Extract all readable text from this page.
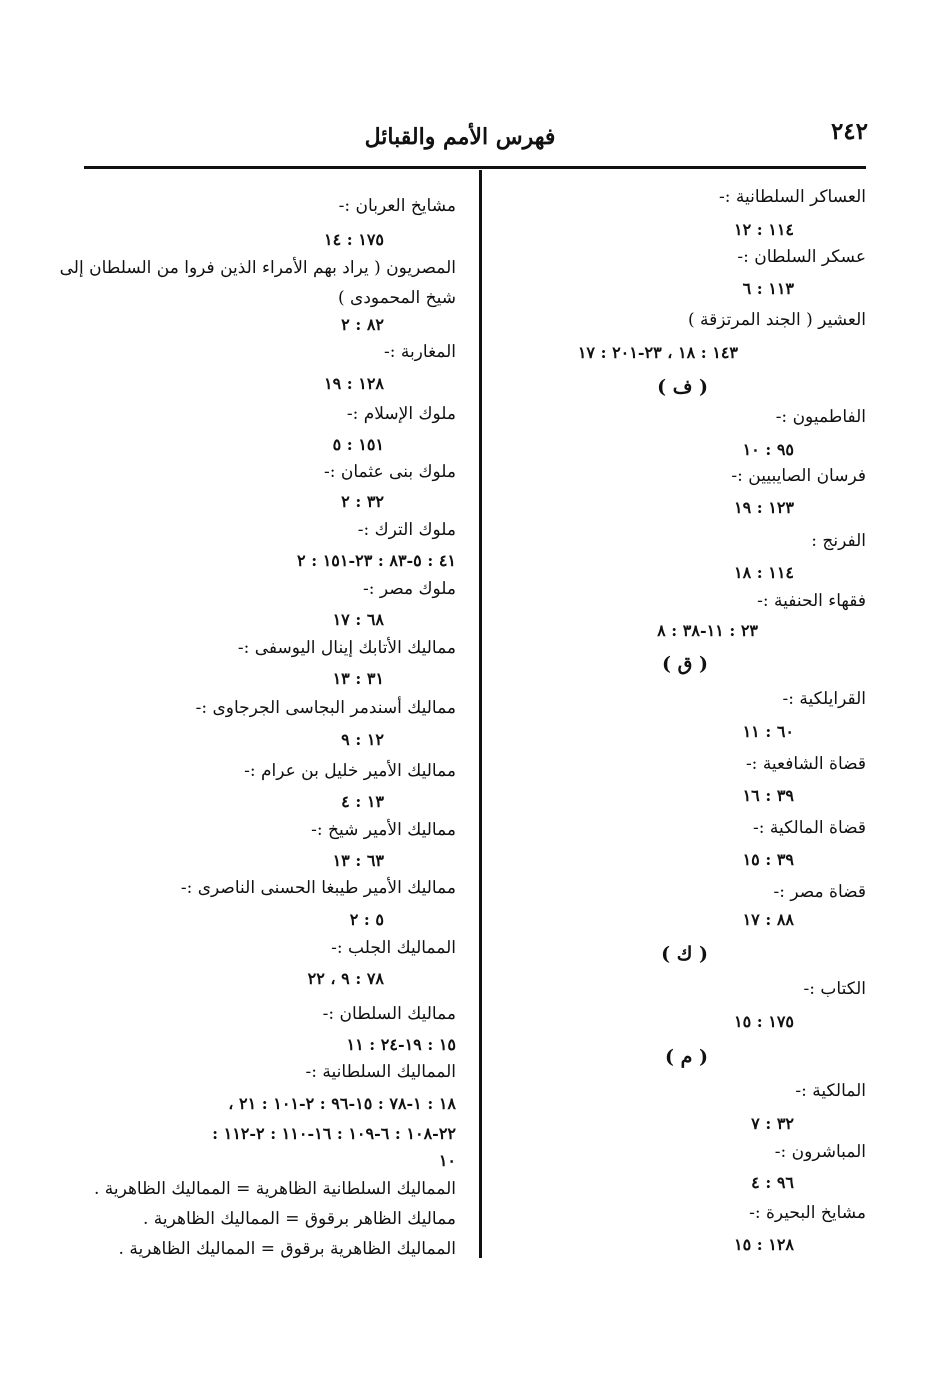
٢٤٢
فهرس الأمم والقبائل
العساكر السلطانية :-
١١٤ : ١٢
عسكر السلطان :-
١١٣ : ٦
العشير ( الجند المرتزقة )
١٤٣ : ١٨ ، ٢٣-٢٠١ : ١٧
( ف )
الفاطميون :-
٩٥ : ١٠
فرسان الصايبيين :-
١٢٣ : ١٩
الفرنج :
١١٤ : ١٨
فقهاء الحنفية :-
٢٣ : ١١-٣٨ : ٨
( ق )
القرايلكية :-
٦٠ : ١١
قضاة الشافعية :-
٣٩ : ١٦
قضاة المالكية :-
٣٩ : ١٥
قضاة مصر :-
٨٨ : ١٧
( ك )
الكتاب :-
١٧٥ : ١٥
( م )
المالكية :-
٣٢ : ٧
المباشرون :-
٩٦ : ٤
مشايخ البحيرة :-
١٢٨ : ١٥
مشايخ العربان :-
١٧٥ : ١٤
المصريون ( يراد بهم الأمراء الذين فروا من السلطان إلى
شيخ المحمودى )
٨٢ : ٢
المغاربة :-
١٢٨ : ١٩
ملوك الإسلام :-
١٥١ : ٥
ملوك بنى عثمان :-
٣٢ : ٢
ملوك الترك :-
٤١ : ٥-٨٣ : ٢٣-١٥١ : ٢
ملوك مصر :-
٦٨ : ١٧
مماليك الأتابك إينال اليوسفى :-
٣١ : ١٣
مماليك أسندمر البجاسى الجرجاوى :-
١٢ : ٩
مماليك الأمير خليل بن عرام :-
١٣ : ٤
مماليك الأمير شيخ :-
٦٣ : ١٣
مماليك الأمير طيبغا الحسنى الناصرى :-
٥ : ٢
المماليك الجلب :-
٧٨ : ٩ ، ٢٢
مماليك السلطان :-
١٥ : ١٩-٢٤ : ١١
المماليك السلطانية :-
١٨ : ١-٧٨ : ١٥-٩٦ : ٢-١٠١ : ٢١ ،
٢٢-١٠٨ : ٦-١٠٩ : ١٦-١١٠ : ٢-١١٢ :
١٠
المماليك السلطانية الظاهرية = المماليك الظاهرية .
مماليك الظاهر برقوق = المماليك الظاهرية .
المماليك الظاهرية برقوق = المماليك الظاهرية .
